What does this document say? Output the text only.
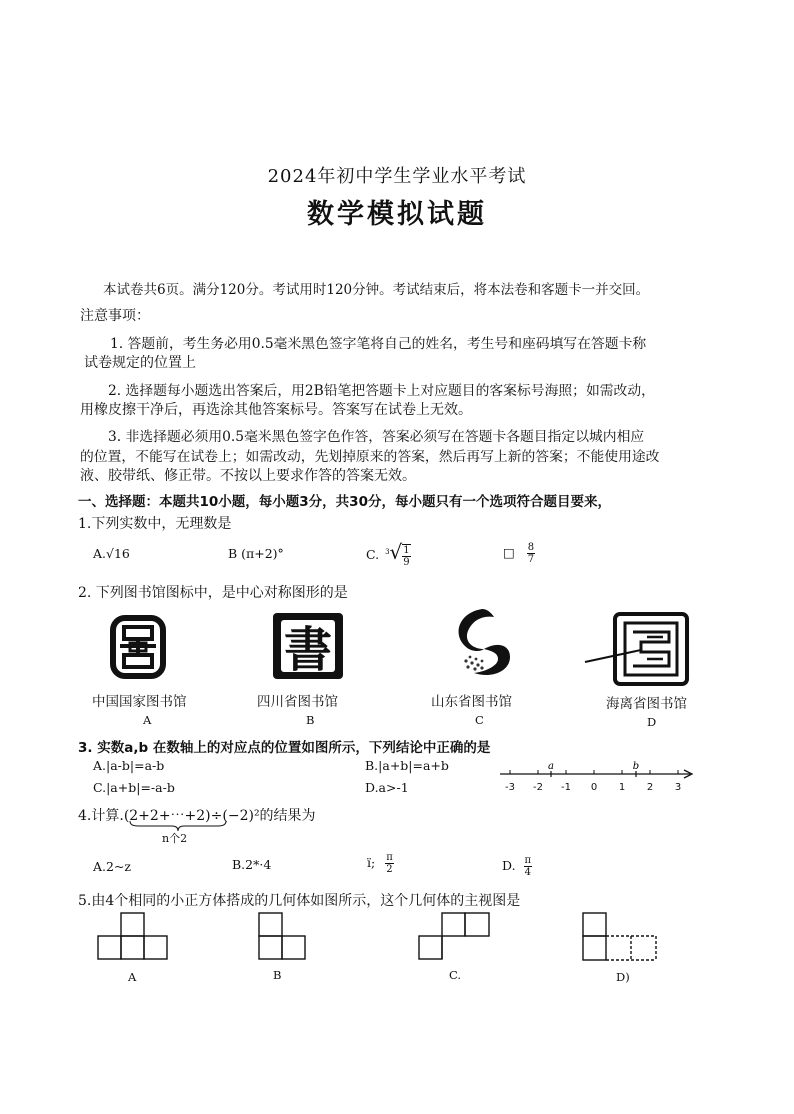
2024年初中学生学业水平考试
数学模拟试题
本试卷共6页。满分120分。考试用时120分钟。考试结束后，将本法卷和客题卡一并交回。
注意事项：
1. 答题前，考生务必用0.5毫米黑色签字笔将自己的姓名，考生号和座码填写在答题卡称
试卷规定的位置上
2. 选择题每小题选出答案后，用2B铅笔把答题卡上对应题目的客案标号海照；如需改动，
用橡皮擦干净后，再选涂其他答案标号。答案写在试卷上无效。
3. 非选择题必须用0.5毫米黑色签字色作答，答案必须写在答题卡各题目指定以城内相应
的位置，不能写在试卷上；如需改动，先划掉原来的答案，然后再写上新的答案；不能使用途改
液、胶带纸、修正带。不按以上要求作答的答案无效。
一、选择题：本题共10小题，每小题3分，共30分，每小题只有一个选项符合题目要来，
1.下列实数中，无理数是
A.√16	B (π+2)°	C. $^3√ \frac{1}{9}$	□ $\frac{8}{7}$
2. 下列图书馆图标中，是中心对称图形的是
中国国家图书馆
A
書
四川省图书馆
B
山东省图书馆
C
海离省图书馆
D
3. 实数a,b 在数轴上的对应点的位置如图所示，下列结论中正确的是
A.|a-b|=a-b	B.|a+b|=a+b
C.|a+b|=-a-b	D.a>-1	-3 -2 -1 0 1 2 3
a	b
4.计算.(2+2+⋯+2)÷(−2)²的结果为
n个2
A.2~z	B.2*·4	ï; $\frac{\pi}{2}$	D. $\frac{\pi}{4}$
5.由4个相同的小正方体搭成的几何体如图所示，这个几何体的主视图是
A	B	C.	D)
